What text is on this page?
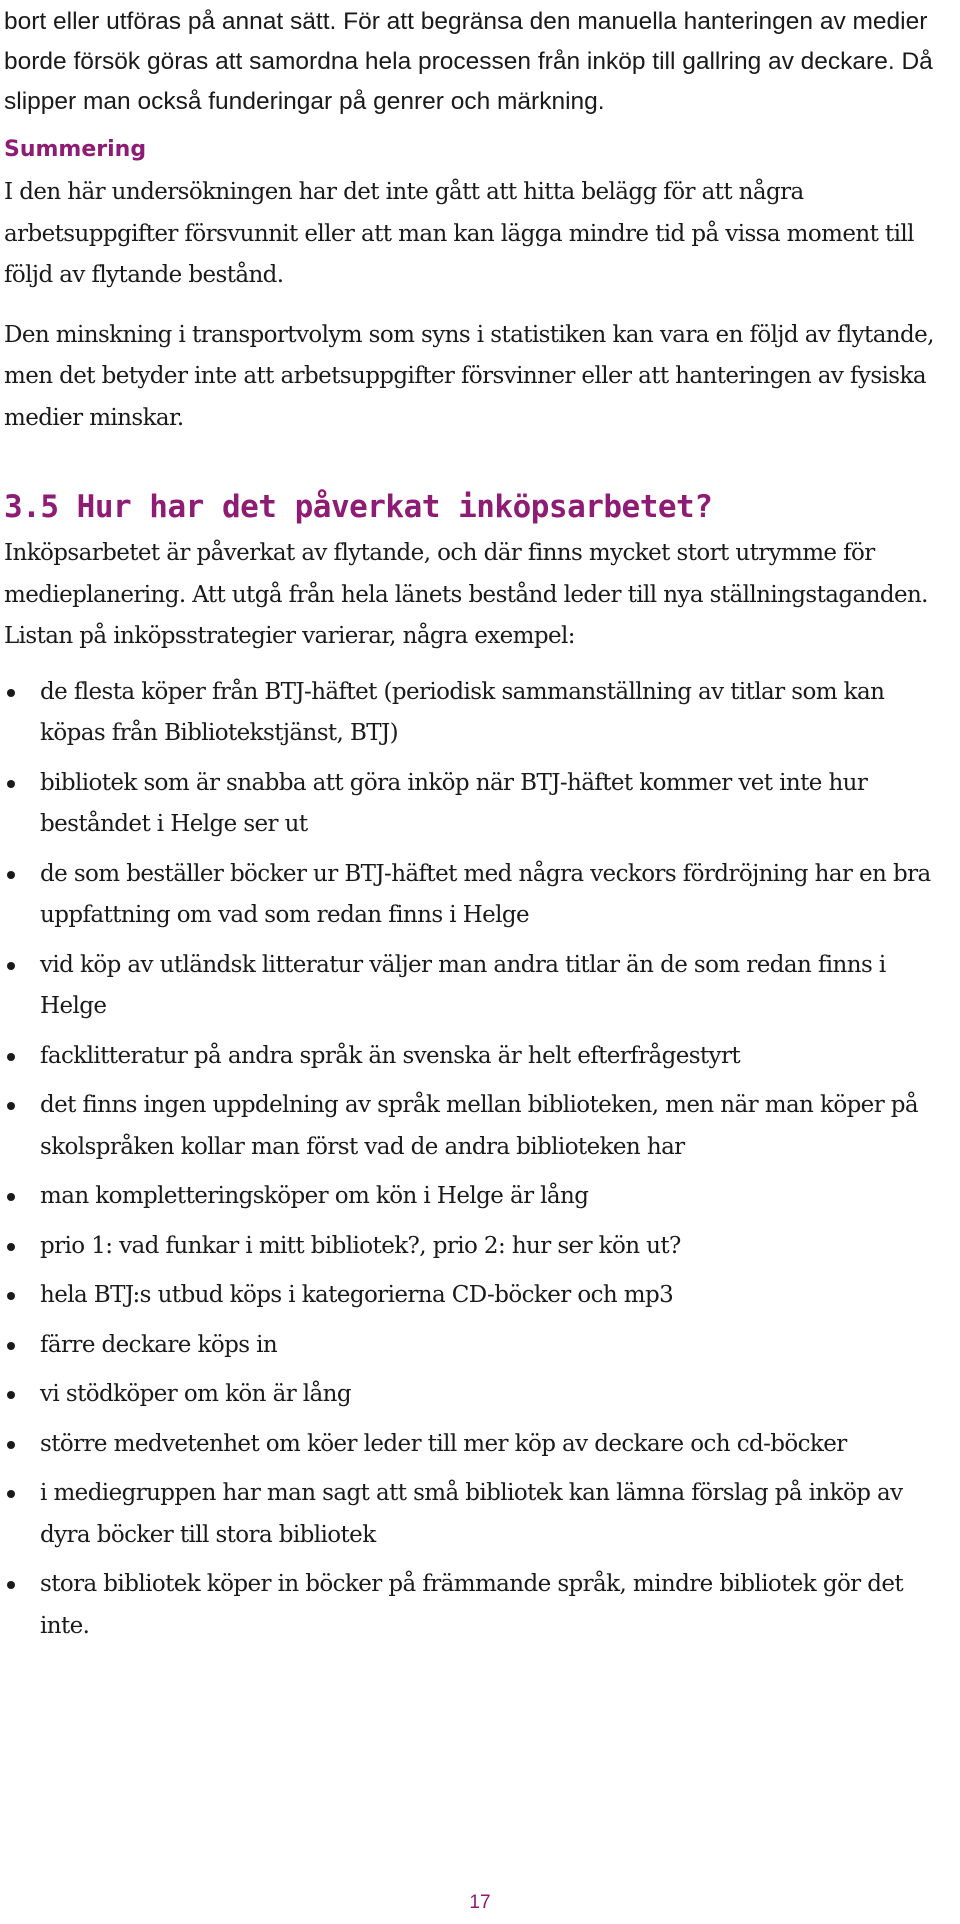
bort eller utföras på annat sätt. För att begränsa den manuella hanteringen av medier borde försök göras att samordna hela processen från inköp till gallring av deckare. Då slipper man också funderingar på genrer och märkning.

Summering

I den här undersökningen har det inte gått att hitta belägg för att några arbetsuppgifter försvunnit eller att man kan lägga mindre tid på vissa moment till följd av flytande bestånd.

Den minskning i transportvolym som syns i statistiken kan vara en följd av flytande, men det betyder inte att arbetsuppgifter försvinner eller att hanteringen av fysiska medier minskar.

3.5 Hur har det påverkat inköpsarbetet?

Inköpsarbetet är påverkat av flytande, och där finns mycket stort utrymme för medieplanering. Att utgå från hela länets bestånd leder till nya ställningstaganden. Listan på inköpsstrategier varierar, några exempel:

de flesta köper från BTJ-häftet (periodisk sammanställning av titlar som kan köpas från Bibliotekstjänst, BTJ)
bibliotek som är snabba att göra inköp när BTJ-häftet kommer vet inte hur beståndet i Helge ser ut
de som beställer böcker ur BTJ-häftet med några veckors fördröjning har en bra uppfattning om vad som redan finns i Helge
vid köp av utländsk litteratur väljer man andra titlar än de som redan finns i Helge
facklitteratur på andra språk än svenska är helt efterfrågestyrt
det finns ingen uppdelning av språk mellan biblioteken, men när man köper på skolspråken kollar man först vad de andra biblioteken har
man kompletteringsköper om kön i Helge är lång
prio 1: vad funkar i mitt bibliotek?, prio 2: hur ser kön ut?
hela BTJ:s utbud köps i kategorierna CD-böcker och mp3
färre deckare köps in
vi stödköper om kön är lång
större medvetenhet om köer leder till mer köp av deckare och cd-böcker
i mediegruppen har man sagt att små bibliotek kan lämna förslag på inköp av dyra böcker till stora bibliotek
stora bibliotek köper in böcker på främmande språk, mindre bibliotek gör det inte.
17
